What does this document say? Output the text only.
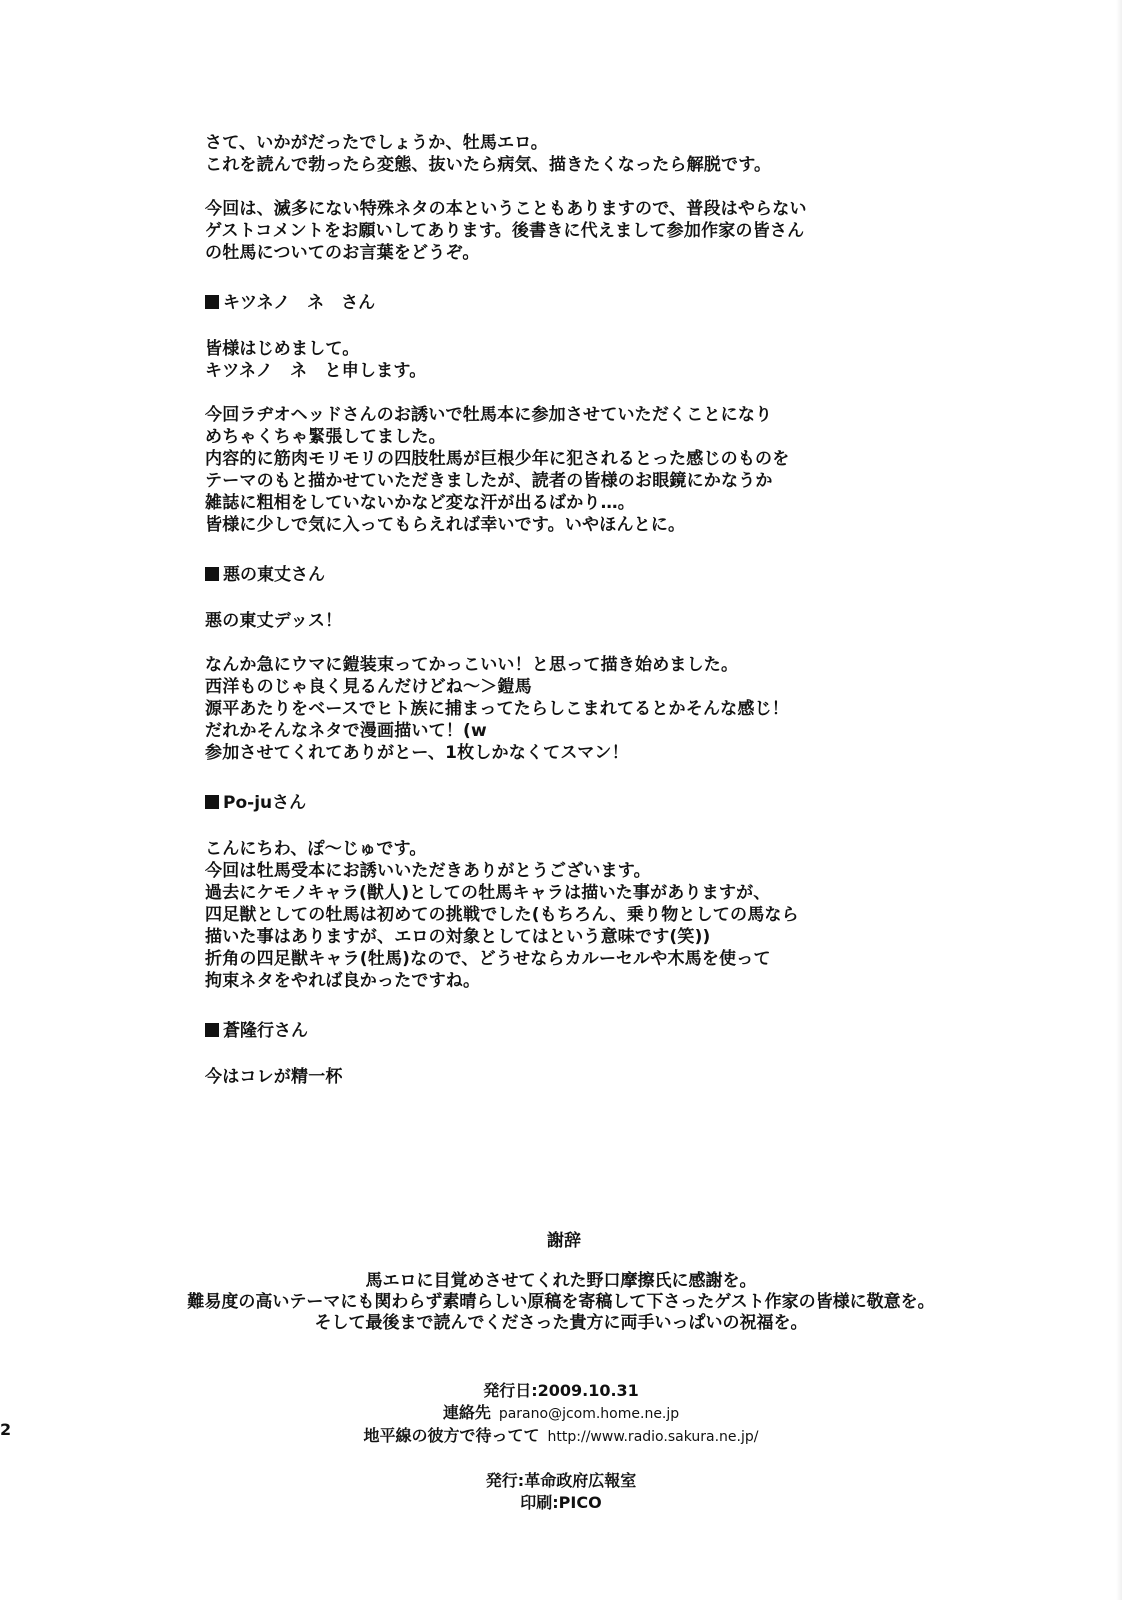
さて、いかがだったでしょうか、牡馬エロ。
これを読んで勃ったら変態、抜いたら病気、描きたくなったら解脱です。
今回は、滅多にない特殊ネタの本ということもありますので、普段はやらない
ゲストコメントをお願いしてあります。後書きに代えまして参加作家の皆さん
の牡馬についてのお言葉をどうぞ。
キツネノ　ネ　さん
皆様はじめまして。
キツネノ　ネ　と申します。
今回ラヂオヘッドさんのお誘いで牡馬本に参加させていただくことになり
めちゃくちゃ緊張してました。
内容的に筋肉モリモリの四肢牡馬が巨根少年に犯されるとった感じのものを
テーマのもと描かせていただきましたが、読者の皆様のお眼鏡にかなうか
雑誌に粗相をしていないかなど変な汗が出るばかり…。
皆様に少しで気に入ってもらえれば幸いです。いやほんとに。
悪の東丈さん
悪の東丈デッス！
なんか急にウマに鎧装束ってかっこいい！と思って描き始めました。
西洋ものじゃ良く見るんだけどね～＞鎧馬
源平あたりをベースでヒト族に捕まってたらしこまれてるとかそんな感じ！
だれかそんなネタで漫画描いて！(w
参加させてくれてありがとー、1枚しかなくてスマン！
Po-juさん
こんにちわ、ぽ～じゅです。
今回は牡馬受本にお誘いいただきありがとうございます。
過去にケモノキャラ(獣人)としての牡馬キャラは描いた事がありますが、
四足獣としての牡馬は初めての挑戦でした(もちろん、乗り物としての馬なら
描いた事はありますが、エロの対象としてはという意味です(笑))
折角の四足獣キャラ(牡馬)なので、どうせならカルーセルや木馬を使って
拘束ネタをやれば良かったですね。
蒼隆行さん
今はコレが精一杯
謝辞
馬エロに目覚めさせてくれた野口摩擦氏に感謝を。
難易度の高いテーマにも関わらず素晴らしい原稿を寄稿して下さったゲスト作家の皆様に敬意を。
そして最後まで読んでくださった貴方に両手いっぱいの祝福を。
発行日:2009.10.31
連絡先 parano@jcom.home.ne.jp
地平線の彼方で待ってて http://www.radio.sakura.ne.jp/
発行:革命政府広報室
印刷:PICO
2
